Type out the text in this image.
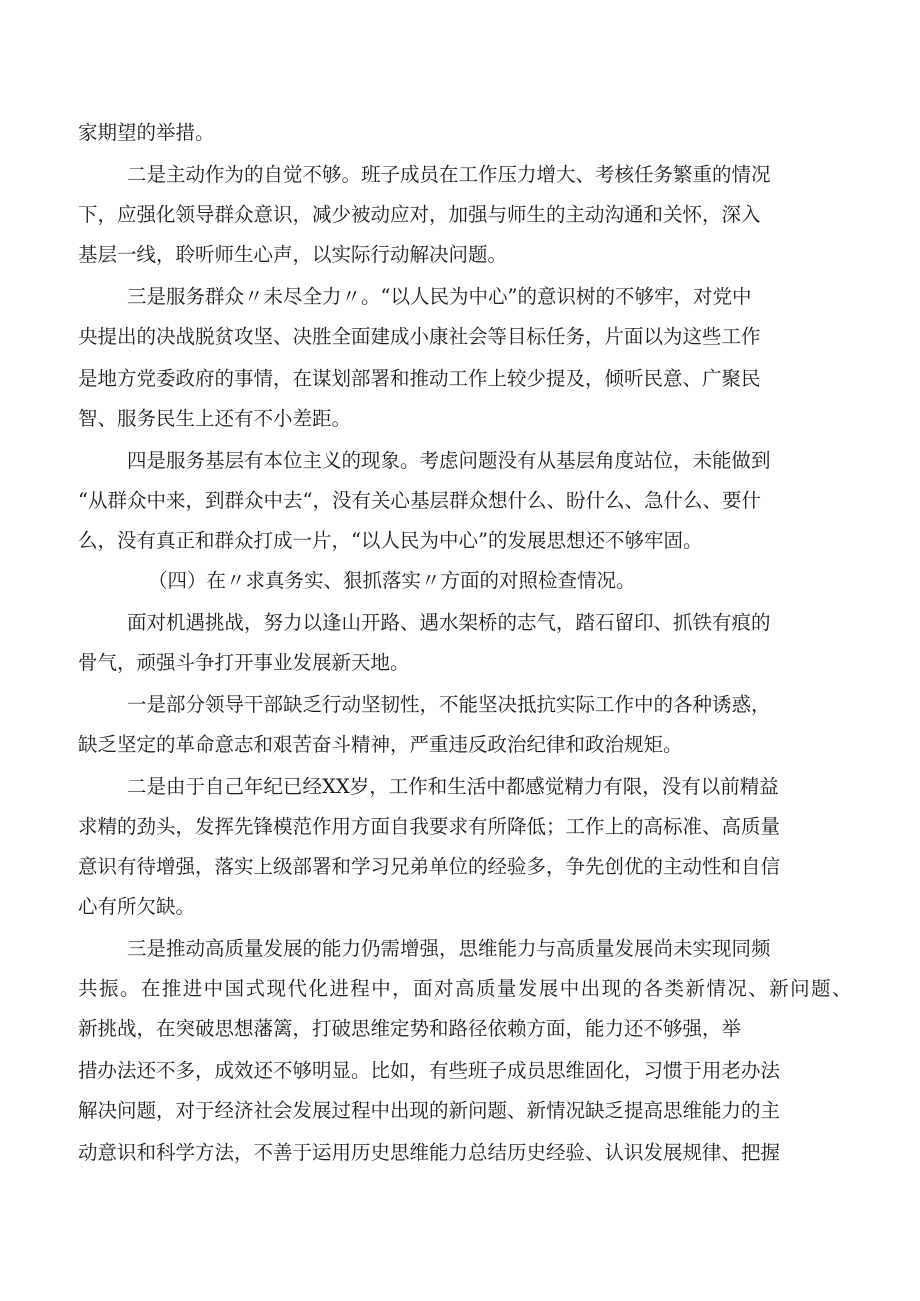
家期望的举措。

二是主动作为的自觉不够。班子成员在工作压力增大、考核任务繁重的情况

下，应强化领导群众意识，减少被动应对，加强与师生的主动沟通和关怀，深入

基层一线，聆听师生心声，以实际行动解决问题。

三是服务群众〃未尽全力〃。“以人民为中心”的意识树的不够牢，对党中

央提出的决战脱贫攻坚、决胜全面建成小康社会等目标任务，片面以为这些工作

是地方党委政府的事情，在谋划部署和推动工作上较少提及，倾听民意、广聚民

智、服务民生上还有不小差距。

四是服务基层有本位主义的现象。考虑问题没有从基层角度站位，未能做到

“从群众中来，到群众中去“，没有关心基层群众想什么、盼什么、急什么、要什

么，没有真正和群众打成一片，“以人民为中心”的发展思想还不够牢固。

（四）在〃求真务实、狠抓落实〃方面的对照检查情况。

面对机遇挑战，努力以逢山开路、遇水架桥的志气，踏石留印、抓铁有痕的

骨气，顽强斗争打开事业发展新天地。

一是部分领导干部缺乏行动坚韧性，不能坚决抵抗实际工作中的各种诱惑，

缺乏坚定的革命意志和艰苦奋斗精神，严重违反政治纪律和政治规矩。

二是由于自己年纪已经XX岁，工作和生活中都感觉精力有限，没有以前精益

求精的劲头，发挥先锋模范作用方面自我要求有所降低；工作上的高标准、高质量

意识有待增强，落实上级部署和学习兄弟单位的经验多，争先创优的主动性和自信

心有所欠缺。

三是推动高质量发展的能力仍需增强，思维能力与高质量发展尚未实现同频

共振。在推进中国式现代化进程中，面对高质量发展中出现的各类新情况、新问题、

新挑战，在突破思想藩篱，打破思维定势和路径依赖方面，能力还不够强，举

措办法还不多，成效还不够明显。比如，有些班子成员思维固化，习惯于用老办法

解决问题，对于经济社会发展过程中出现的新问题、新情况缺乏提高思维能力的主

动意识和科学方法，不善于运用历史思维能力总结历史经验、认识发展规律、把握
